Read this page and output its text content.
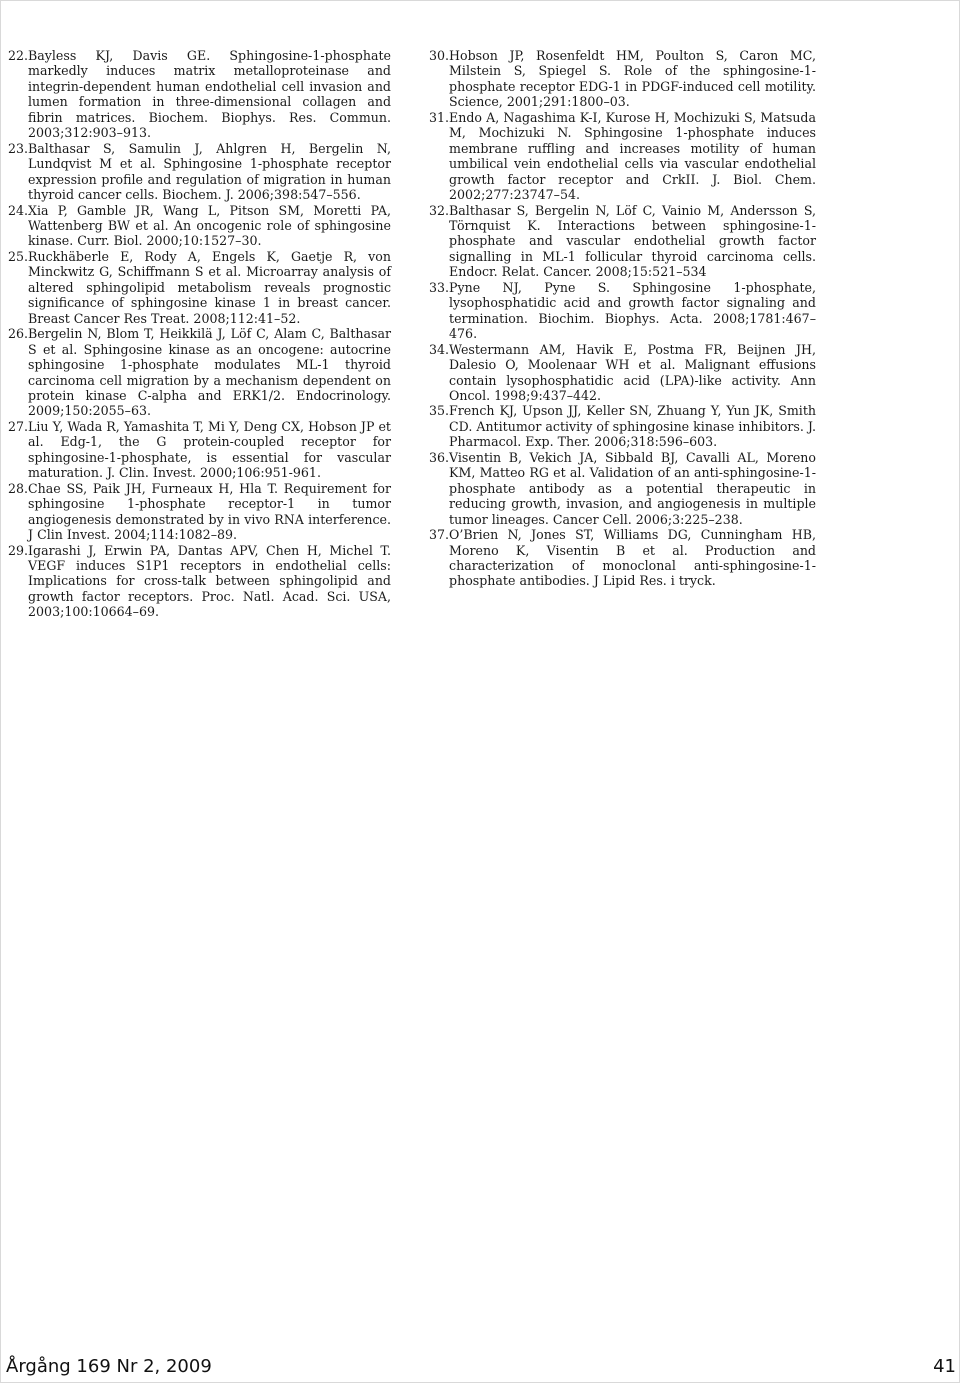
22. Bayless KJ, Davis GE. Sphingosine-1-phosphate markedly induces matrix metalloproteinase and integrin-dependent human endothelial cell invasion and lumen formation in three-dimensional collagen and fibrin matrices. Biochem. Biophys. Res. Commun. 2003;312:903–913.
23. Balthasar S, Samulin J, Ahlgren H, Bergelin N, Lundqvist M et al. Sphingosine 1-phosphate receptor expression profile and regulation of migration in human thyroid cancer cells. Biochem. J. 2006;398:547–556.
24. Xia P, Gamble JR, Wang L, Pitson SM, Moretti PA, Wattenberg BW et al. An oncogenic role of sphingosine kinase. Curr. Biol. 2000;10:1527–30.
25. Ruckhäberle E, Rody A, Engels K, Gaetje R, von Minckwitz G, Schiffmann S et al. Microarray analysis of altered sphingolipid metabolism reveals prognostic significance of sphingosine kinase 1 in breast cancer. Breast Cancer Res Treat. 2008;112:41–52.
26. Bergelin N, Blom T, Heikkilä J, Löf C, Alam C, Balthasar S et al. Sphingosine kinase as an oncogene: autocrine sphingosine 1-phosphate modulates ML-1 thyroid carcinoma cell migration by a mechanism dependent on protein kinase C-alpha and ERK1/2. Endocrinology. 2009;150:2055–63.
27. Liu Y, Wada R, Yamashita T, Mi Y, Deng CX, Hobson JP et al. Edg-1, the G protein-coupled receptor for sphingosine-1-phosphate, is essential for vascular maturation. J. Clin. Invest. 2000;106:951-961.
28. Chae SS, Paik JH, Furneaux H, Hla T. Requirement for sphingosine 1-phosphate receptor-1 in tumor angiogenesis demonstrated by in vivo RNA interference. J Clin Invest. 2004;114:1082–89.
29. Igarashi J, Erwin PA, Dantas APV, Chen H, Michel T. VEGF induces S1P1 receptors in endothelial cells: Implications for cross-talk between sphingolipid and growth factor receptors. Proc. Natl. Acad. Sci. USA, 2003;100:10664–69.
30. Hobson JP, Rosenfeldt HM, Poulton S, Caron MC, Milstein S, Spiegel S. Role of the sphingosine-1-phosphate receptor EDG-1 in PDGF-induced cell motility. Science, 2001;291:1800–03.
31. Endo A, Nagashima K-I, Kurose H, Mochizuki S, Matsuda M, Mochizuki N. Sphingosine 1-phosphate induces membrane ruffling and increases motility of human umbilical vein endothelial cells via vascular endothelial growth factor receptor and CrkII. J. Biol. Chem. 2002;277:23747–54.
32. Balthasar S, Bergelin N, Löf C, Vainio M, Andersson S, Törnquist K. Interactions between sphingosine-1-phosphate and vascular endothelial growth factor signalling in ML-1 follicular thyroid carcinoma cells. Endocr. Relat. Cancer. 2008;15:521–534
33. Pyne NJ, Pyne S. Sphingosine 1-phosphate, lysophosphatidic acid and growth factor signaling and termination. Biochim. Biophys. Acta. 2008;1781:467–476.
34. Westermann AM, Havik E, Postma FR, Beijnen JH, Dalesio O, Moolenaar WH et al. Malignant effusions contain lysophosphatidic acid (LPA)-like activity. Ann Oncol. 1998;9:437–442.
35. French KJ, Upson JJ, Keller SN, Zhuang Y, Yun JK, Smith CD. Antitumor activity of sphingosine kinase inhibitors. J. Pharmacol. Exp. Ther. 2006;318:596–603.
36. Visentin B, Vekich JA, Sibbald BJ, Cavalli AL, Moreno KM, Matteo RG et al. Validation of an anti-sphingosine-1-phosphate antibody as a potential therapeutic in reducing growth, invasion, and angiogenesis in multiple tumor lineages. Cancer Cell. 2006;3:225–238.
37. O’Brien N, Jones ST, Williams DG, Cunningham HB, Moreno K, Visentin B et al. Production and characterization of monoclonal anti-sphingosine-1-phosphate antibodies. J Lipid Res. i tryck.
Årgång 169 Nr 2, 2009	41
